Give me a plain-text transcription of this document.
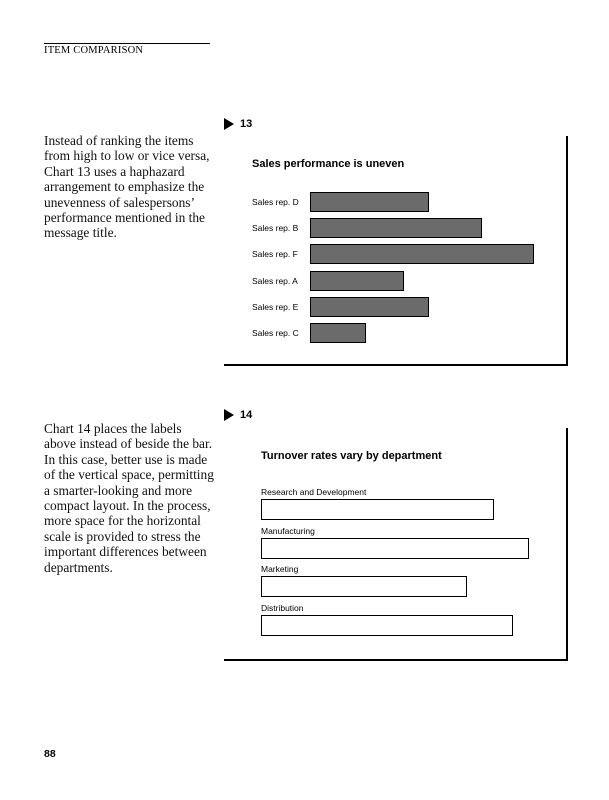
ITEM COMPARISON
Instead of ranking the items from high to low or vice versa, Chart 13 uses a haphazard arrangement to emphasize the unevenness of salespersons’ performance mentioned in the message title.
Chart 14 places the labels above instead of beside the bar. In this case, better use is made of the vertical space, permitting a smarter-looking and more compact layout. In the process, more space for the horizontal scale is provided to stress the important differences between departments.
13
14
Sales performance is uneven
Turnover rates vary by department
Sales rep. D
Sales rep. B
Sales rep. F
Sales rep. A
Sales rep. E
Sales rep. C
Research and Development
Manufacturing
Marketing
Distribution
88
